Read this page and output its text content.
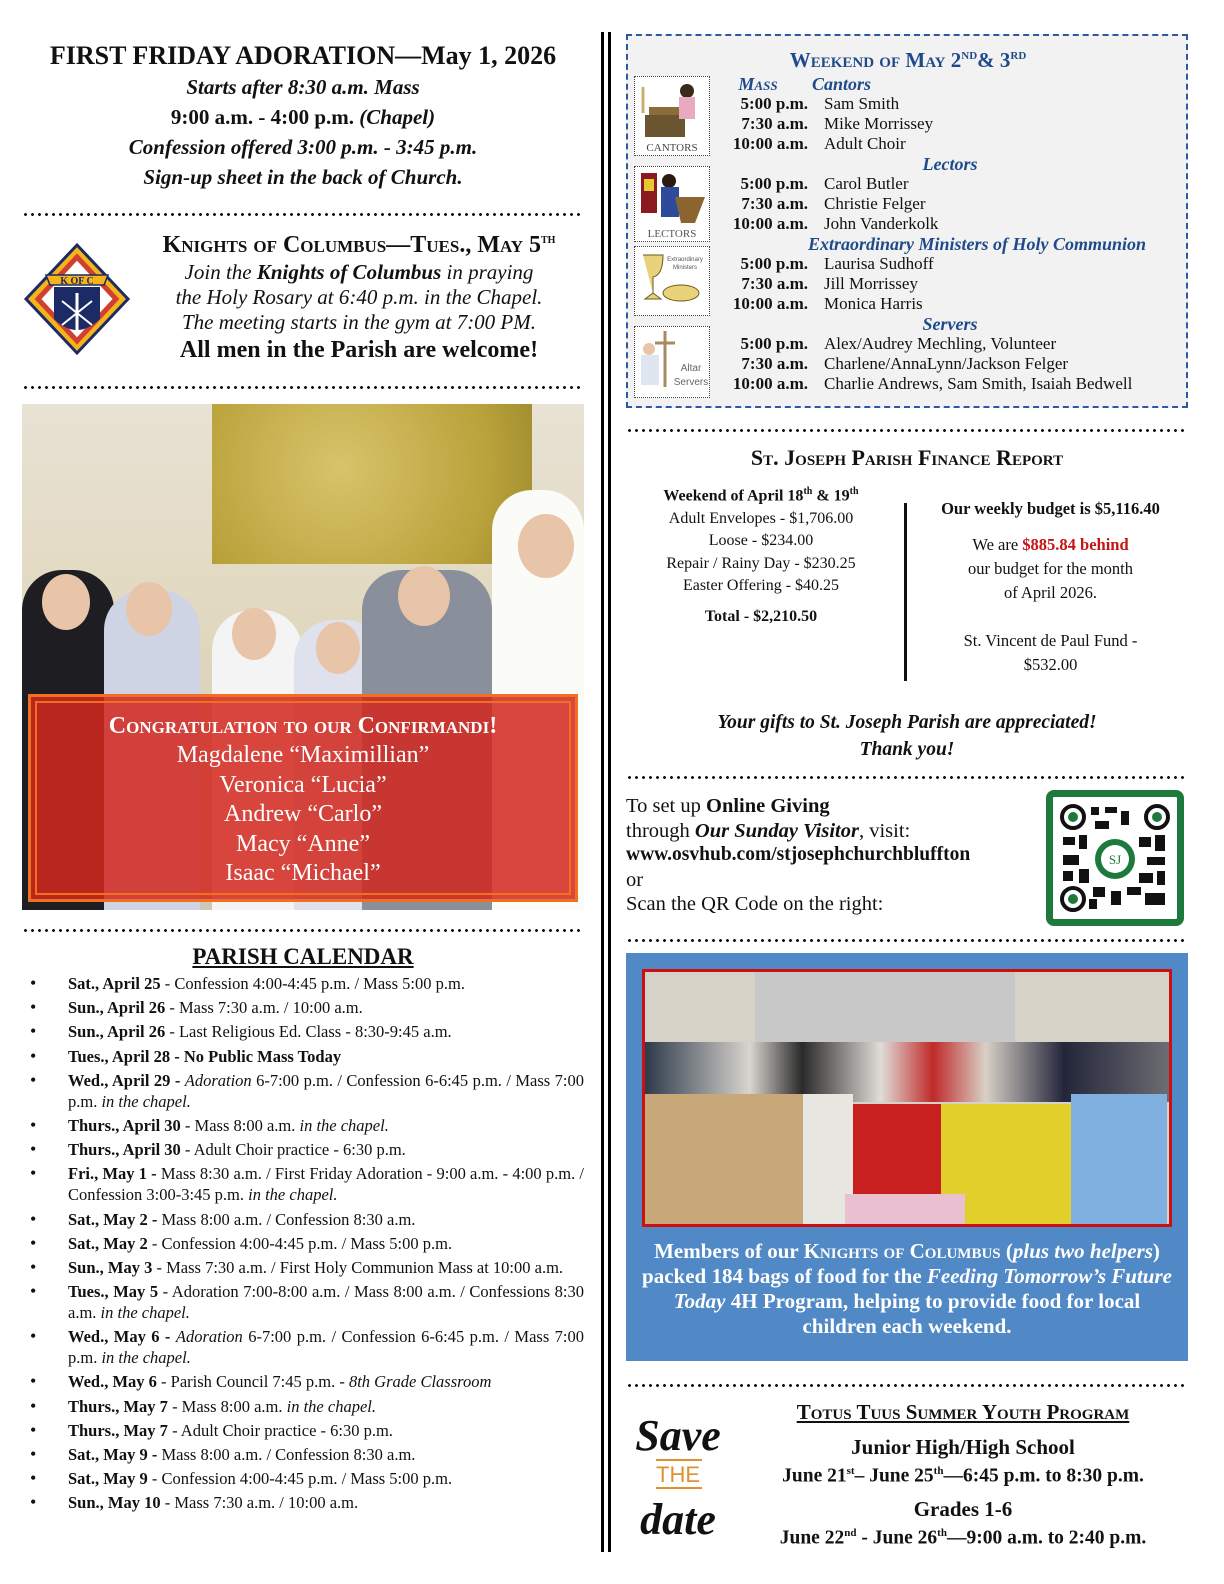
FIRST FRIDAY ADORATION—May 1, 2026
Starts after 8:30 a.m. Mass
9:00 a.m. - 4:00 p.m. (Chapel)
Confession offered 3:00 p.m. - 3:45 p.m.
Sign-up sheet in the back of Church.
K OF C
Knights of Columbus—Tues., May 5th
Join the Knights of Columbus in praying
the Holy Rosary at 6:40 p.m. in the Chapel.
The meeting starts in the gym at 7:00 PM.
All men in the Parish are welcome!
Congratulation to our Confirmandi!
Magdalene “Maximillian”
Veronica “Lucia”
Andrew “Carlo”
Macy “Anne”
Isaac “Michael”
PARISH CALENDAR
• Sat., April 25 - Confession 4:00-4:45 p.m. / Mass 5:00 p.m.
• Sun., April 26 - Mass 7:30 a.m. / 10:00 a.m.
• Sun., April 26 - Last Religious Ed. Class - 8:30-9:45 a.m.
• Tues., April 28 - No Public Mass Today
• Wed., April 29 - Adoration 6-7:00 p.m. / Confession 6-6:45 p.m. / Mass 7:00 p.m. in the chapel.
• Thurs., April 30 - Mass 8:00 a.m. in the chapel.
• Thurs., April 30 - Adult Choir practice - 6:30 p.m.
• Fri., May 1 - Mass 8:30 a.m. / First Friday Adoration - 9:00 a.m. - 4:00 p.m. / Confession 3:00-3:45 p.m. in the chapel.
• Sat., May 2 - Mass 8:00 a.m. / Confession 8:30 a.m.
• Sat., May 2 - Confession 4:00-4:45 p.m. / Mass 5:00 p.m.
• Sun., May 3 - Mass 7:30 a.m. / First Holy Communion Mass at 10:00 a.m.
• Tues., May 5 - Adoration 7:00-8:00 a.m. / Mass 8:00 a.m. / Confessions 8:30 a.m. in the chapel.
• Wed., May 6 - Adoration 6-7:00 p.m. / Confession 6-6:45 p.m. / Mass 7:00 p.m. in the chapel.
• Wed., May 6 - Parish Council 7:45 p.m. - 8th Grade Classroom
• Thurs., May 7 - Mass 8:00 a.m. in the chapel.
• Thurs., May 7 - Adult Choir practice - 6:30 p.m.
• Sat., May 9 - Mass 8:00 a.m. / Confession 8:30 a.m.
• Sat., May 9 - Confession 4:00-4:45 p.m. / Mass 5:00 p.m.
• Sun., May 10 - Mass 7:30 a.m. / 10:00 a.m.
Weekend of May 2ND& 3RD
CANTORS
LECTORS
Extraordinary
Ministers
Altar
Servers
Mass	Cantors
5:00 p.m. Sam Smith
7:30 a.m. Mike Morrissey
10:00 a.m. Adult Choir
Lectors
5:00 p.m. Carol Butler
7:30 a.m. Christie Felger
10:00 a.m. John Vanderkolk
Extraordinary Ministers of Holy Communion
5:00 p.m. Laurisa Sudhoff
7:30 a.m. Jill Morrissey
10:00 a.m. Monica Harris
Servers
5:00 p.m. Alex/Audrey Mechling, Volunteer
7:30 a.m. Charlene/AnnaLynn/Jackson Felger
10:00 a.m. Charlie Andrews, Sam Smith, Isaiah Bedwell
St. Joseph Parish Finance Report
Weekend of April 18th & 19th
Adult Envelopes - $1,706.00
Loose - $234.00
Repair / Rainy Day - $230.25
Easter Offering - $40.25
Total - $2,210.50
Our weekly budget is $5,116.40
We are $885.84 behind
our budget for the month
of April 2026.
St. Vincent de Paul Fund -
$532.00
Your gifts to St. Joseph Parish are appreciated!
Thank you!
To set up Online Giving
through Our Sunday Visitor, visit:
www.osvhub.com/stjosephchurchbluffton
or
Scan the QR Code on the right:
SJ
Members of our Knights of Columbus (plus two helpers) packed 184 bags of food for the Feeding Tomorrow’s Future Today 4H Program, helping to provide food for local children each weekend.
Save
THE
date
Totus Tuus Summer Youth Program
Junior High/High School
June 21st– June 25th—6:45 p.m. to 8:30 p.m.
Grades 1-6
June 22nd - June 26th—9:00 a.m. to 2:40 p.m.
